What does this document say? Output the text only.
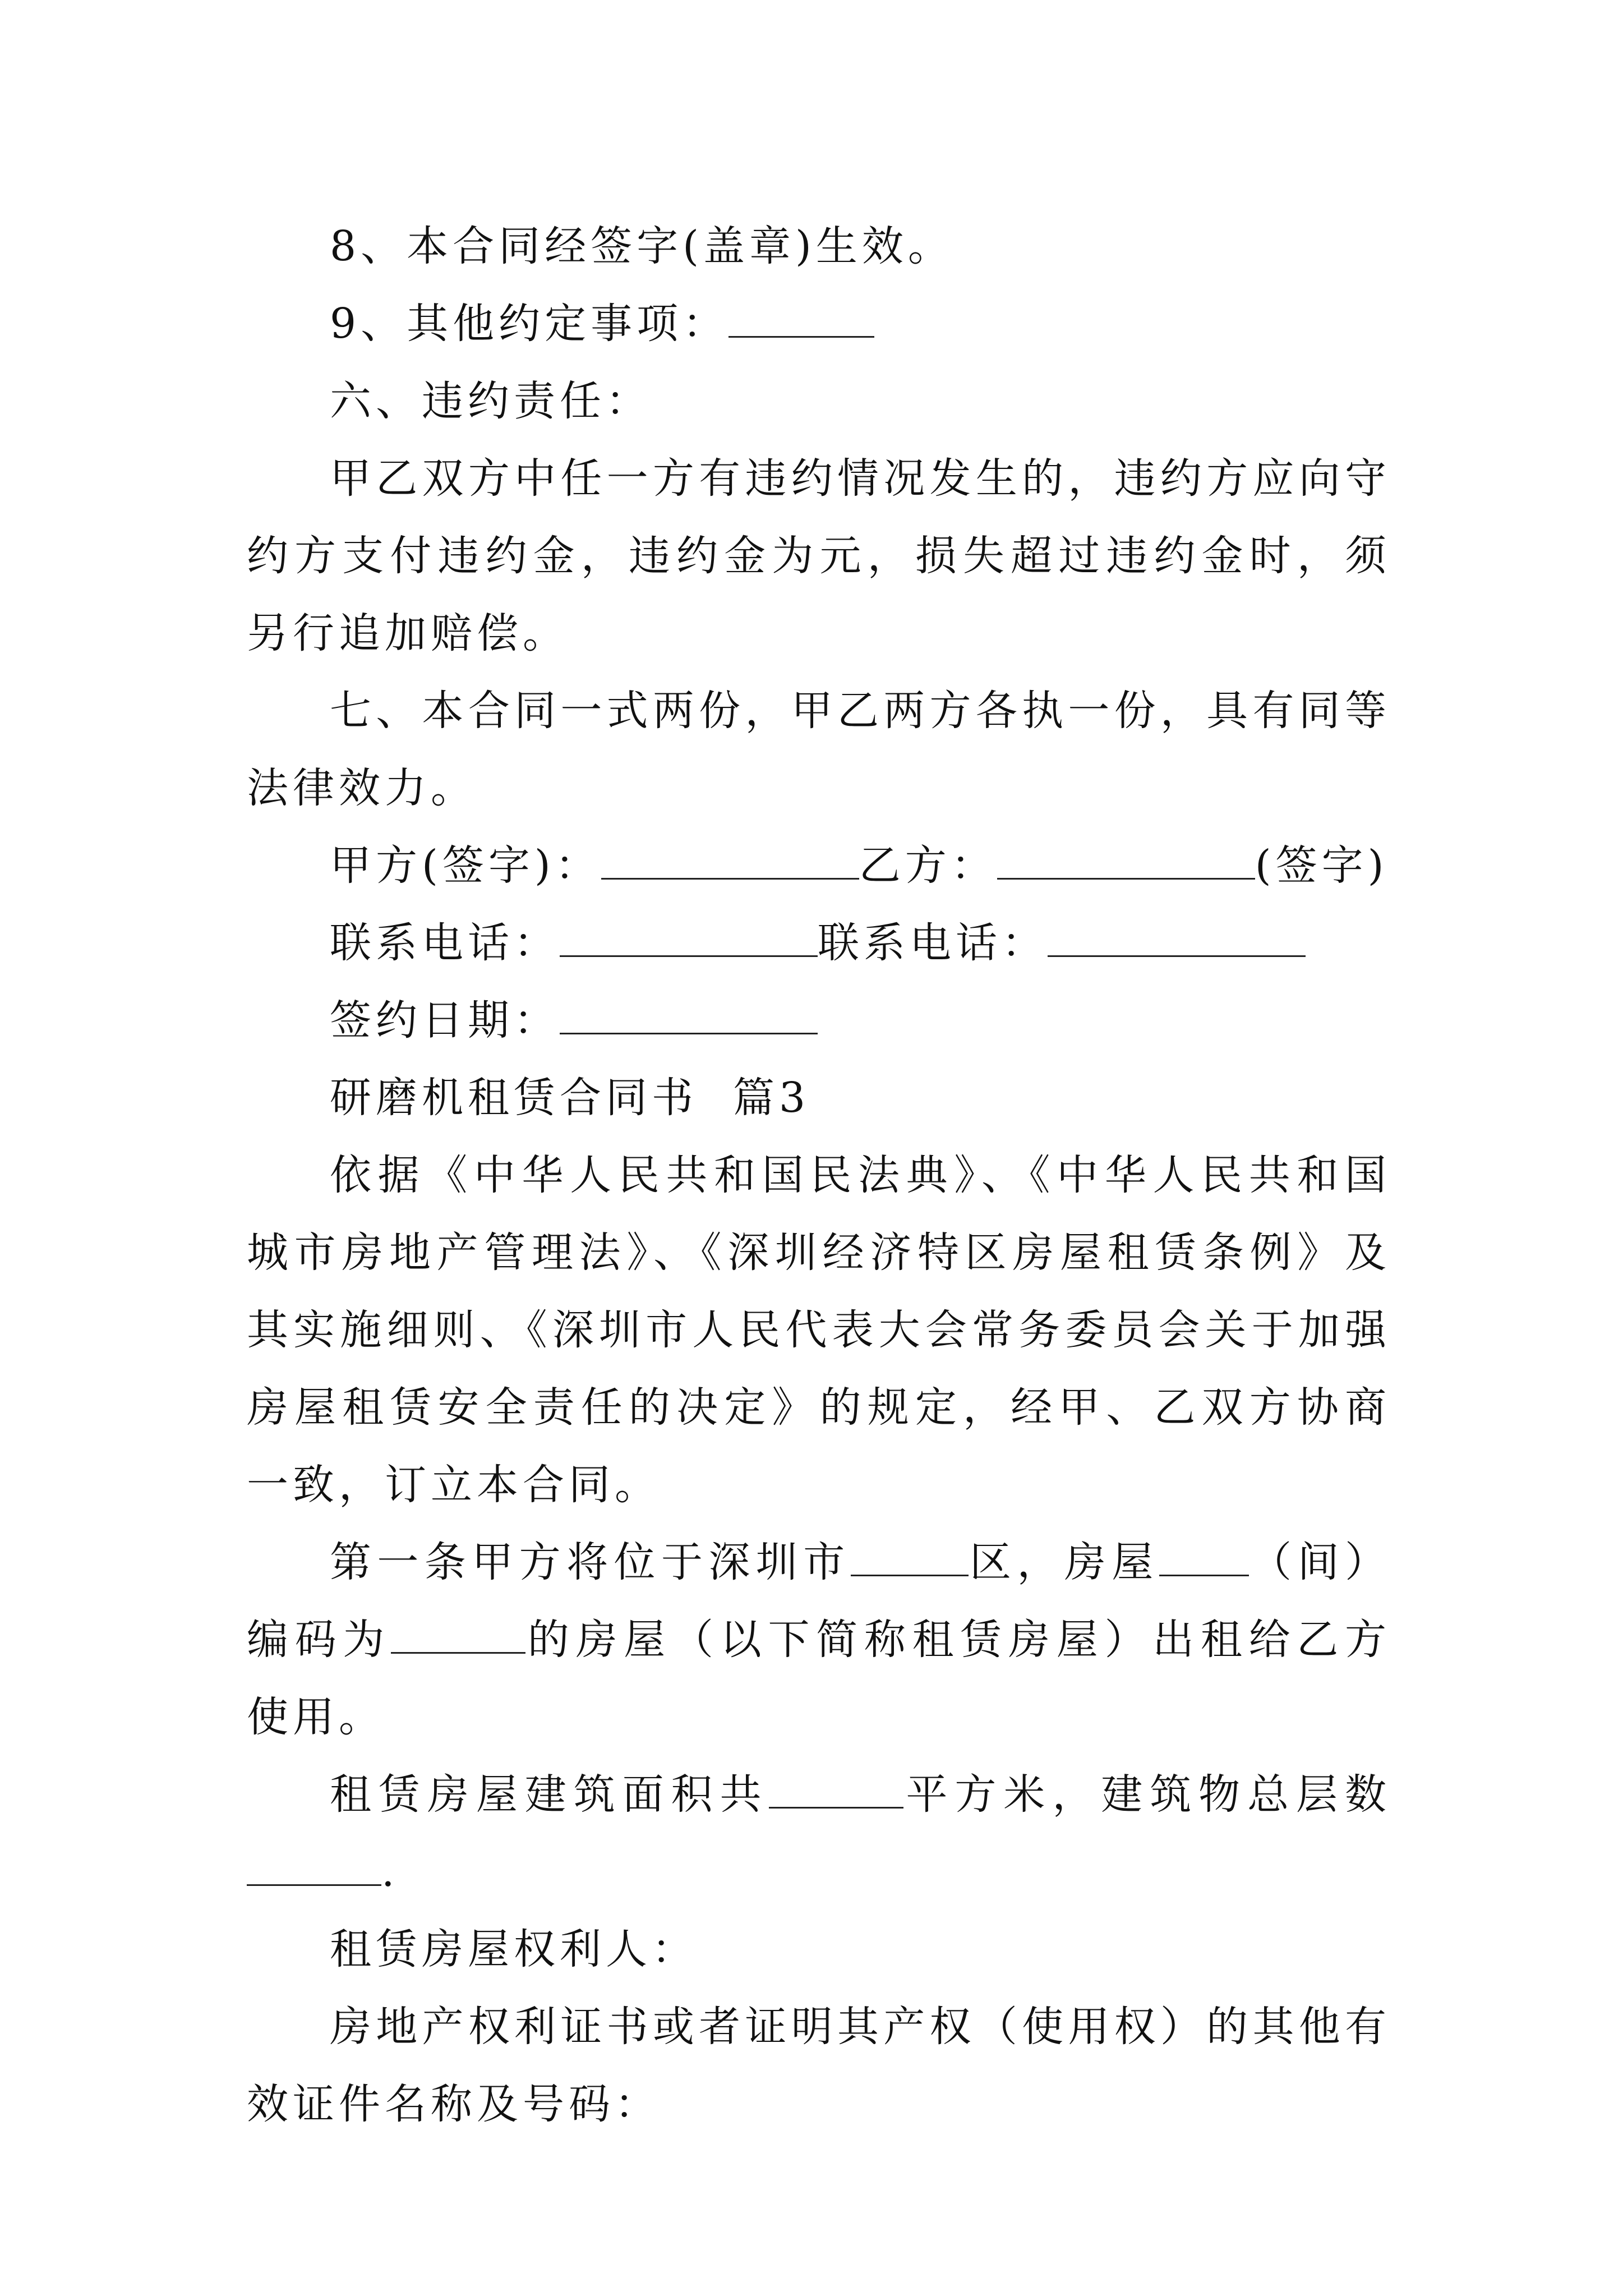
8、本合同经签字(盖章)生效。

9、其他约定事项：

六、违约责任：

甲乙双方中任一方有违约情况发生的，违约方应向守约方支付违约金，违约金为元，损失超过违约金时，须另行追加赔偿。

七、本合同一式两份，甲乙两方各执一份，具有同等法律效力。

甲方(签字)：	乙方：	(签字)

联系电话：	联系电话：

签约日期：

研磨机租赁合同书  篇3

依据《中华人民共和国民法典》、《中华人民共和国城市房地产管理法》、《深圳经济特区房屋租赁条例》及其实施细则、《深圳市人民代表大会常务委员会关于加强房屋租赁安全责任的决定》的规定，经甲、乙双方协商一致，订立本合同。

第一条甲方将位于深圳市	区，房屋 （间）编码为	的房屋（以下简称租赁房屋）出租给乙方使用。

租赁房屋建筑面积共	平方米，建筑物总层数.

租赁房屋权利人：

房地产权利证书或者证明其产权（使用权）的其他有效证件名称及号码：
